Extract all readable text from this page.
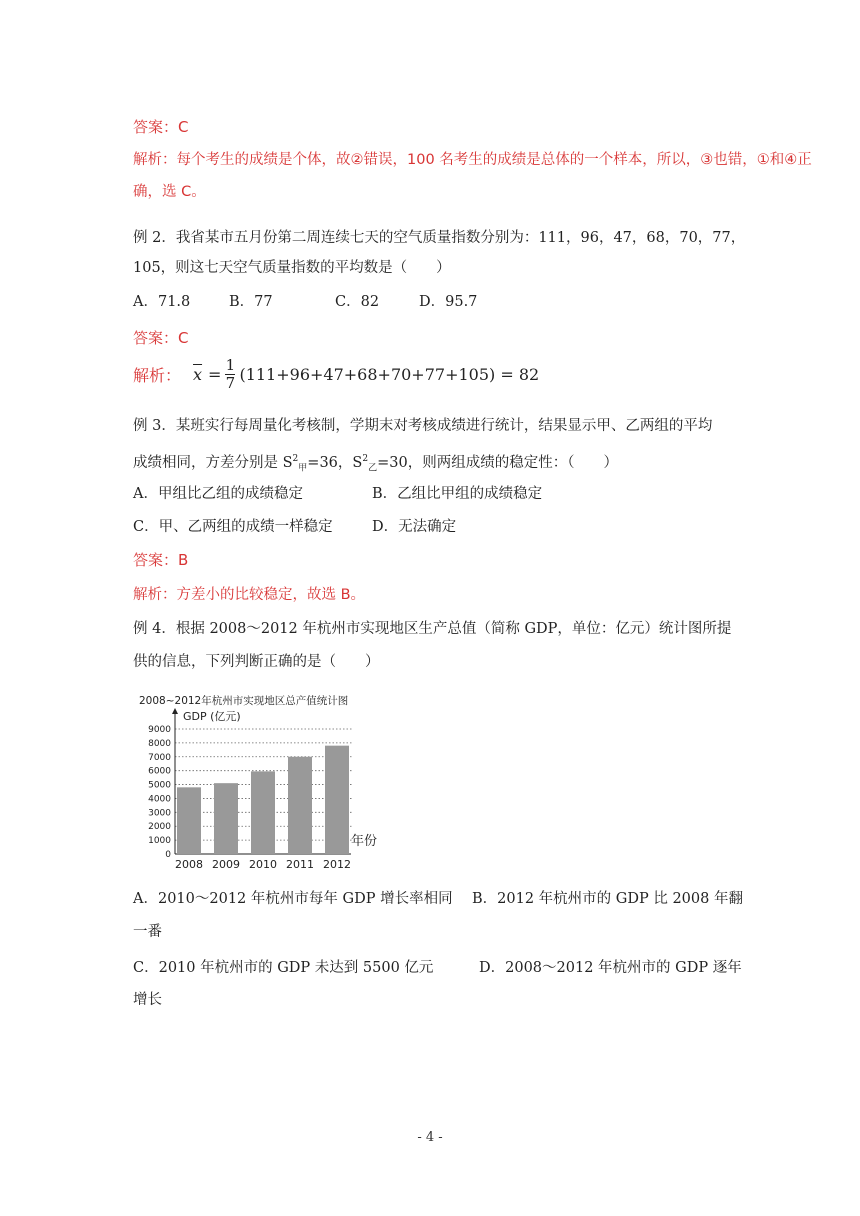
答案：C
解析：每个考生的成绩是个体，故②错误，100 名考生的成绩是总体的一个样本，所以，③也错，①和④正
确，选 C。
例 2．我省某市五月份第二周连续七天的空气质量指数分别为：111，96，47，68，70，77，
105，则这七天空气质量指数的平均数是（　　）
A．71.8	B．77	C．82	D．95.7
答案：C
解析： $\overline{x} = \frac{1}{7} (111+96+47+68+70+77+105) = 82$
例 3．某班实行每周量化考核制，学期末对考核成绩进行统计，结果显示甲、乙两组的平均
成绩相同，方差分别是 $S^2_甲=36$，$S^2_乙=30$，则两组成绩的稳定性：（　　）
A．甲组比乙组的成绩稳定	B．乙组比甲组的成绩稳定
C．甲、乙两组的成绩一样稳定	D．无法确定
答案：B
解析：方差小的比较稳定，故选 B。
例 4．根据 2008～2012 年杭州市实现地区生产总值（简称 GDP，单位：亿元）统计图所提
供的信息，下列判断正确的是（　　）
2008~2012年杭州市实现地区总产值统计图
GDP (亿元)
0
1000
2000
3000
4000
5000
6000
7000
8000
9000
2008 2009 2010 2011 2012
年份
A．2010～2012 年杭州市每年 GDP 增长率相同 B．2012 年杭州市的 GDP 比 2008 年翻
一番
C．2010 年杭州市的 GDP 未达到 5500 亿元	D．2008～2012 年杭州市的 GDP 逐年
增长
- 4 -
